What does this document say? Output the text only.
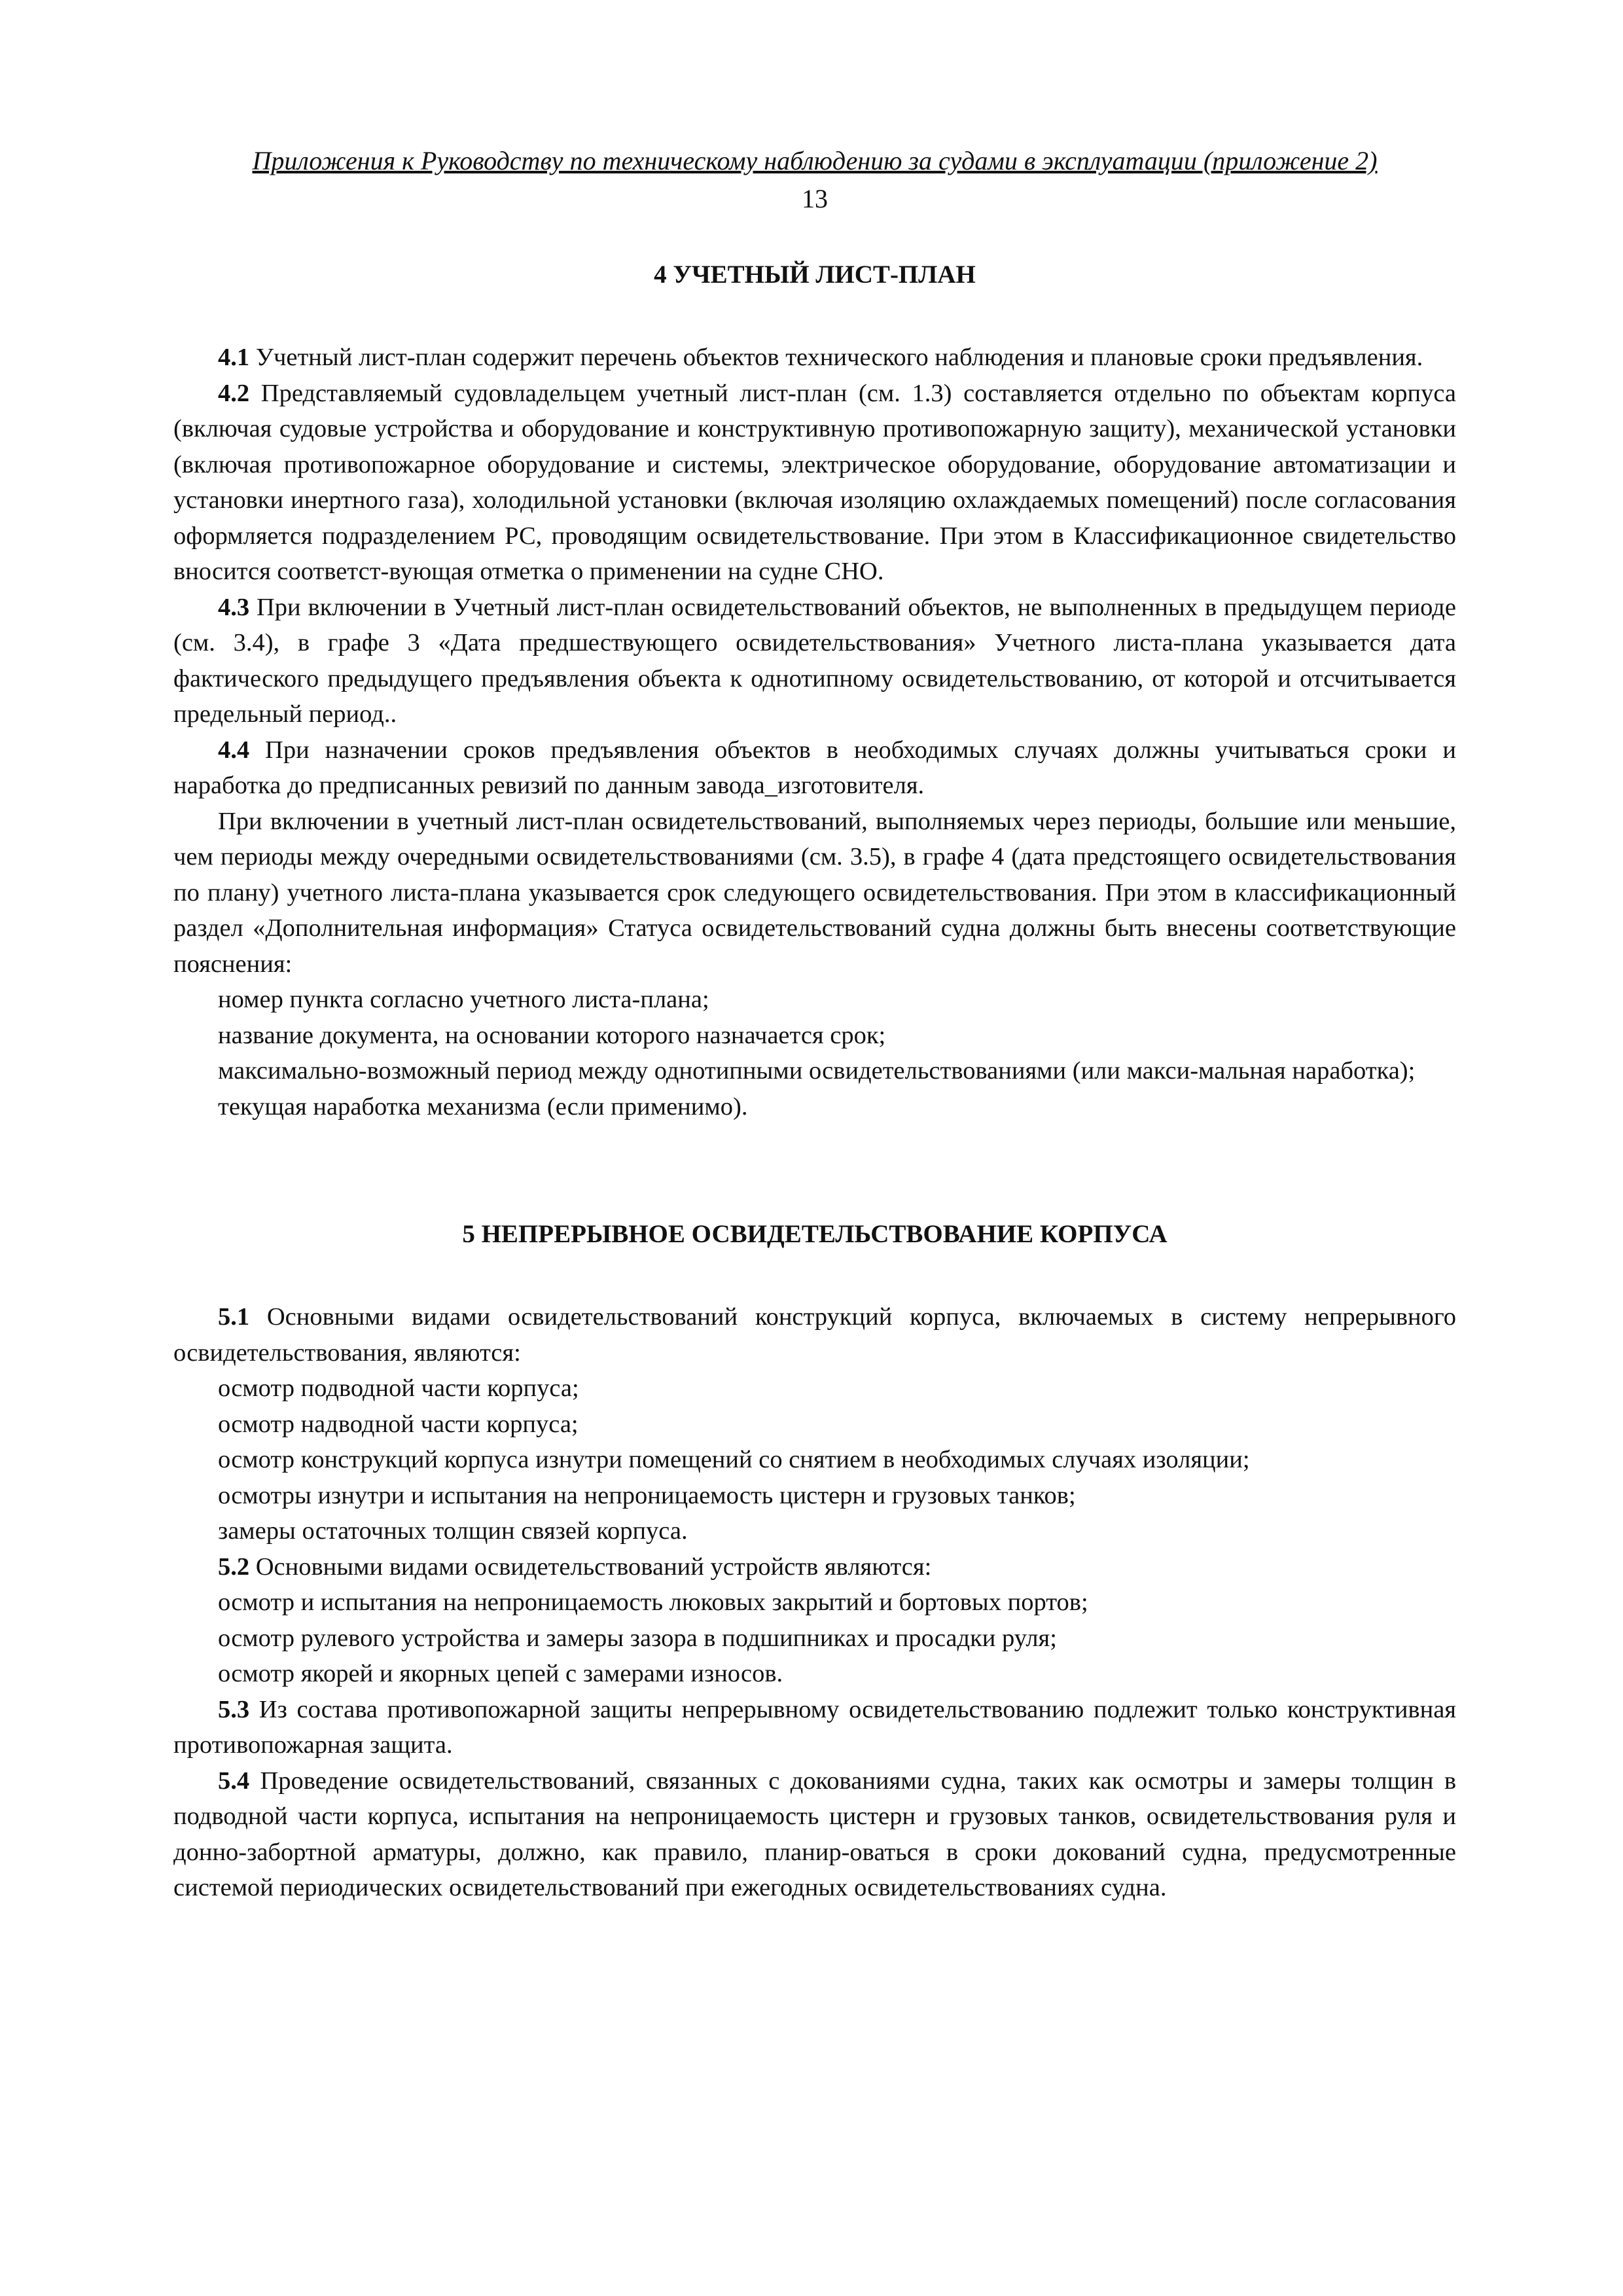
Приложения к Руководству по техническому наблюдению за судами в эксплуатации (приложение 2)
13
4 УЧЕТНЫЙ ЛИСТ-ПЛАН

4.1 Учетный лист-план содержит перечень объектов технического наблюдения и плановые сроки предъявления.

4.2 Представляемый судовладельцем учетный лист-план (см. 1.3) составляется отдельно по объектам корпуса (включая судовые устройства и оборудование и конструктивную противопожарную защиту), механической установки (включая противопожарное оборудование и системы, электрическое оборудование, оборудование автоматизации и установки инертного газа), холодильной установки (включая изоляцию охлаждаемых помещений) после согласования оформляется подразделением РС, проводящим освидетельствование. При этом в Классификационное свидетельство вносится соответст-вующая отметка о применении на судне СНО.

4.3 При включении в Учетный лист-план освидетельствований объектов, не выполненных в предыдущем периоде (см. 3.4), в графе 3 «Дата предшествующего освидетельствования» Учетного листа-плана указывается дата фактического предыдущего предъявления объекта к однотипному освидетельствованию, от которой и отсчитывается предельный период..

4.4 При назначении сроков предъявления объектов в необходимых случаях должны учитываться сроки и наработка до предписанных ревизий по данным завода_изготовителя.

При включении в учетный лист-план освидетельствований, выполняемых через периоды, большие или меньшие, чем периоды между очередными освидетельствованиями (см. 3.5), в графе 4 (дата предстоящего освидетельствования по плану) учетного листа-плана указывается срок следующего освидетельствования. При этом в классификационный раздел «Дополнительная информация» Статуса освидетельствований судна должны быть внесены соответствующие пояснения:

номер пункта согласно учетного листа-плана;

название документа, на основании которого назначается срок;

максимально-возможный период между однотипными освидетельствованиями (или макси-мальная наработка);

текущая наработка механизма (если применимо).

5 НЕПРЕРЫВНОЕ ОСВИДЕТЕЛЬСТВОВАНИЕ КОРПУСА

5.1 Основными видами освидетельствований конструкций корпуса, включаемых в систему непрерывного освидетельствования, являются:

осмотр подводной части корпуса;

осмотр надводной части корпуса;

осмотр конструкций корпуса изнутри помещений со снятием в необходимых случаях изоляции;

осмотры изнутри и испытания на непроницаемость цистерн и грузовых танков;

замеры остаточных толщин связей корпуса.

5.2 Основными видами освидетельствований устройств являются:

осмотр и испытания на непроницаемость люковых закрытий и бортовых портов;

осмотр рулевого устройства и замеры зазора в подшипниках и просадки руля;

осмотр якорей и якорных цепей с замерами износов.

5.3 Из состава противопожарной защиты непрерывному освидетельствованию подлежит только конструктивная противопожарная защита.

5.4 Проведение освидетельствований, связанных с докованиями судна, таких как осмотры и замеры толщин в подводной части корпуса, испытания на непроницаемость цистерн и грузовых танков, освидетельствования руля и донно-забортной арматуры, должно, как правило, планир-оваться в сроки докований судна, предусмотренные системой периодических освидетельствований при ежегодных освидетельствованиях судна.
